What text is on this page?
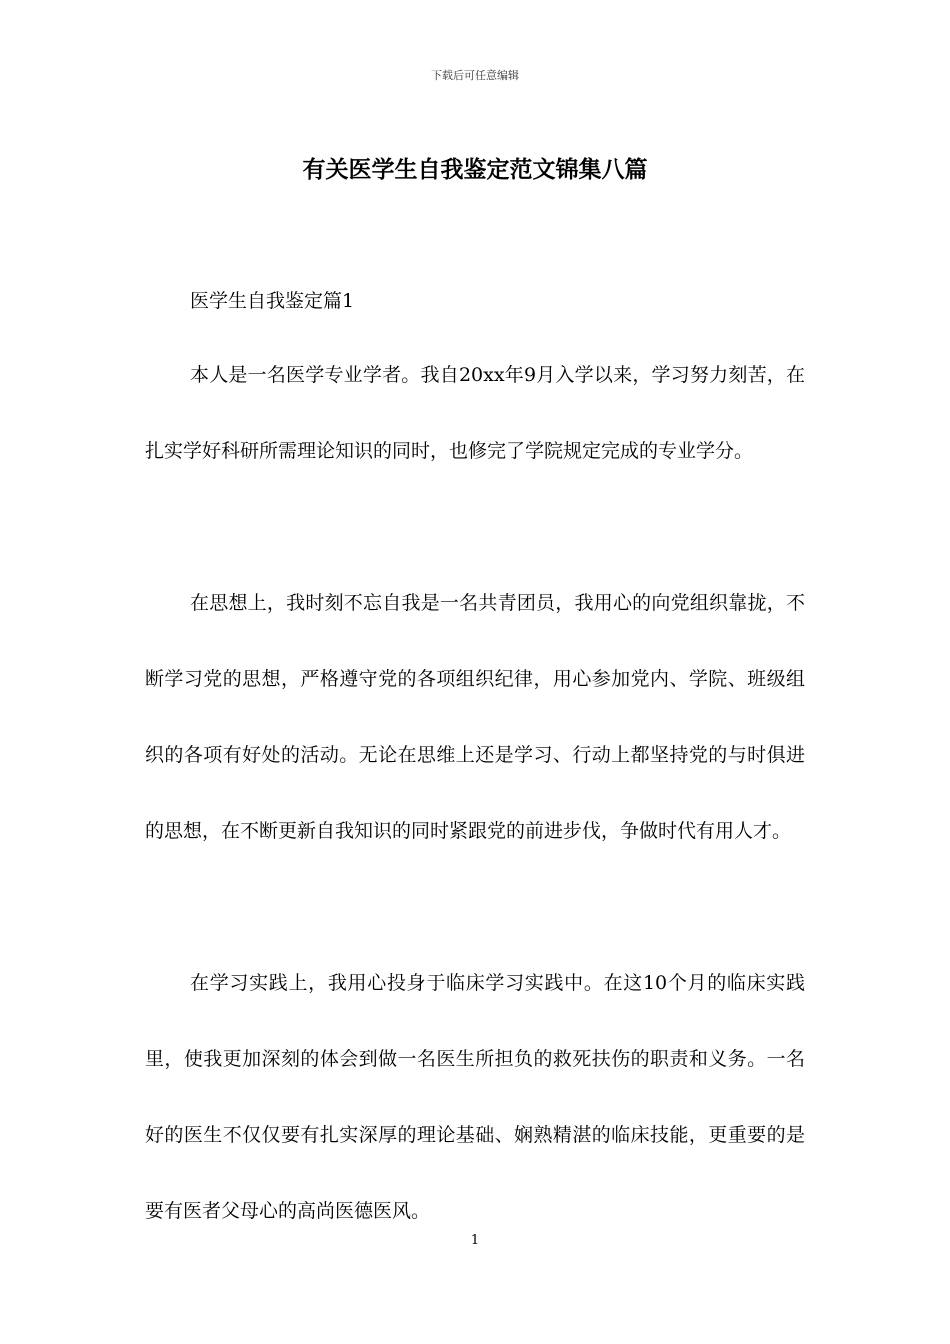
下载后可任意编辑
有关医学生自我鉴定范文锦集八篇

医学生自我鉴定篇1

本人是一名医学专业学者。我自20xx年9月入学以来，学习努力刻苦，在扎实学好科研所需理论知识的同时，也修完了学院规定完成的专业学分。

在思想上，我时刻不忘自我是一名共青团员，我用心的向党组织靠拢，不断学习党的思想，严格遵守党的各项组织纪律，用心参加党内、学院、班级组织的各项有好处的活动。无论在思维上还是学习、行动上都坚持党的与时俱进的思想，在不断更新自我知识的同时紧跟党的前进步伐，争做时代有用人才。

在学习实践上，我用心投身于临床学习实践中。在这10个月的临床实践里，使我更加深刻的体会到做一名医生所担负的救死扶伤的职责和义务。一名好的医生不仅仅要有扎实深厚的理论基础、娴熟精湛的临床技能，更重要的是要有医者父母心的高尚医德医风。

1
